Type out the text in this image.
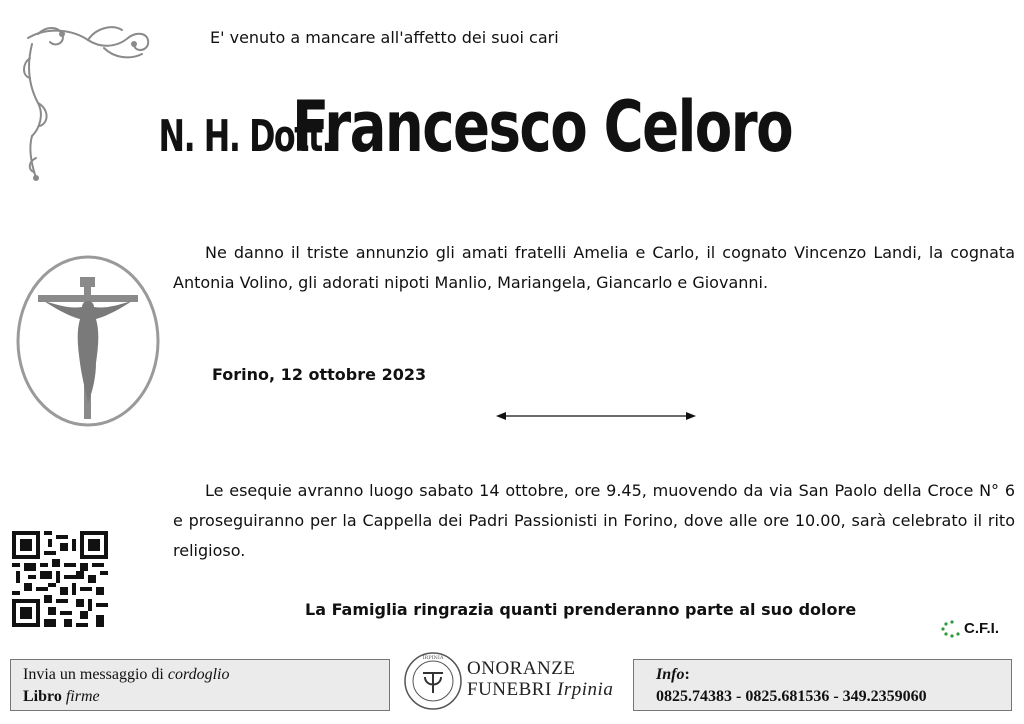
E' venuto a mancare all'affetto dei suoi cari
N. H. Dott.Francesco Celoro
Ne danno il triste annunzio gli amati fratelli Amelia e Carlo, il cognato Vincenzo Landi, la cognata Antonia Volino, gli adorati nipoti Manlio, Mariangela, Giancarlo e Giovanni.
Forino, 12 ottobre 2023
Le esequie avranno luogo sabato 14 ottobre, ore 9.45, muovendo da via San Paolo della Croce N° 6 e proseguiranno per la Cappella dei Padri Passionisti in Forino, dove alle ore 10.00, sarà celebrato il rito religioso.
La Famiglia ringrazia quanti prenderanno parte al suo dolore
C.F.I.
Invia un messaggio di cordoglio
Libro firme
IRPINIA ONORANZE
FUNEBRI Irpinia
Info:
0825.74383 - 0825.681536 - 349.2359060
